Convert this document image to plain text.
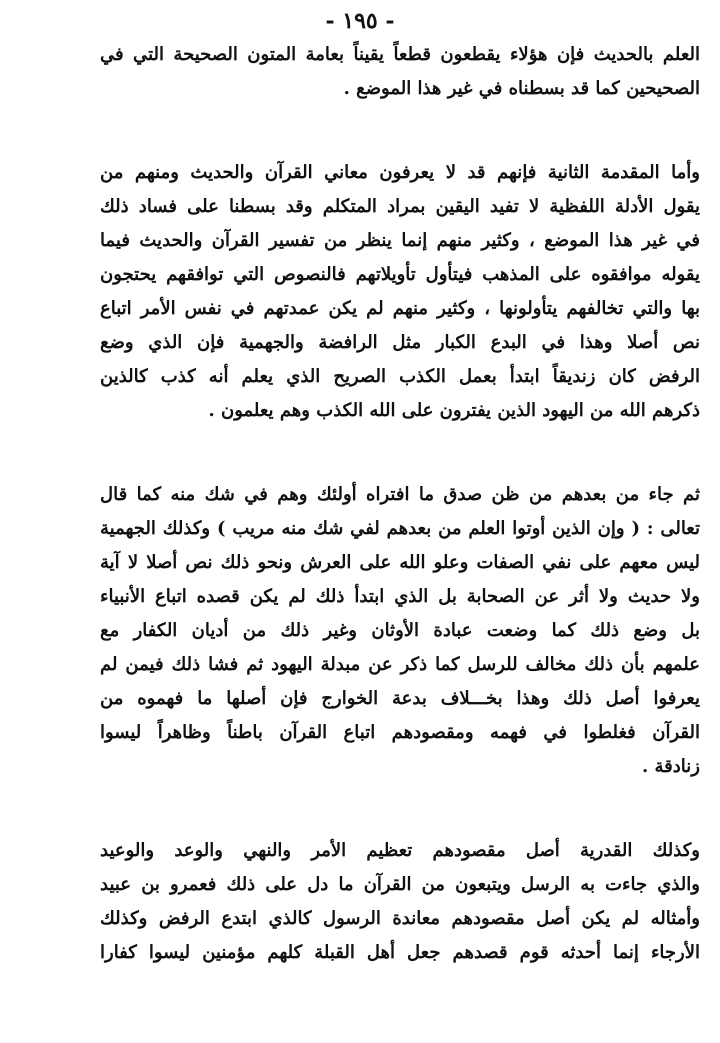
- ١٩٥ -
العلم بالحديث فإن هؤلاء يقطعون قطعاً يقيناً بعامة المتون الصحيحة التي في
الصحيحين كما قد بسطناه في غير هذا الموضع .
وأما المقدمة الثانية فإنهم قد لا يعرفون معاني القرآن والحديث ومنهم من
يقول الأدلة اللفظية لا تفيد اليقين بمراد المتكلم وقد بسطنا على فساد ذلك
في غير هذا الموضع ، وكثير منهم إنما ينظر من تفسير القرآن والحديث فيما
يقوله موافقوه على المذهب فيتأول تأويلاتهم فالنصوص التي توافقهم يحتجون
بها والتي تخالفهم يتأولونها ، وكثير منهم لم يكن عمدتهم في نفس الأمر اتباع
نص أصلا وهذا في البدع الكبار مثل الرافضة والجهمية فإن الذي وضع
الرفض كان زنديقاً ابتدأ بعمل الكذب الصريح الذي يعلم أنه كذب كالذين
ذكرهم الله من اليهود الذين يفترون على الله الكذب وهم يعلمون .
ثم جاء من بعدهم من ظن صدق ما افتراه أولئك وهم في شك منه كما قال
تعالى : ( وإن الذين أوتوا العلم من بعدهم لفي شك منه مريب ) وكذلك الجهمية
ليس معهم على نفي الصفات وعلو الله على العرش ونحو ذلك نص أصلا لا آية
ولا حديث ولا أثر عن الصحابة بل الذي ابتدأ ذلك لم يكن قصده اتباع الأنبياء
بل وضع ذلك كما وضعت عبادة الأوثان وغير ذلك من أديان الكفار مع
علمهم بأن ذلك مخالف للرسل كما ذكر عن مبدلة اليهود ثم فشا ذلك فيمن لم
يعرفوا أصل ذلك وهذا بخـــلاف بدعة الخوارج فإن أصلها ما فهموه من
القرآن فغلطوا في فهمه ومقصودهم اتباع القرآن باطناً وظاهراً ليسوا
زنادقة .
وكذلك القدرية أصل مقصودهم تعظيم الأمر والنهي والوعد والوعيد
والذي جاءت به الرسل ويتبعون من القرآن ما دل على ذلك فعمرو بن عبيد
وأمثاله لم يكن أصل مقصودهم معاندة الرسول كالذي ابتدع الرفض وكذلك
الأرجاء إنما أحدثه قوم قصدهم جعل أهل القبلة كلهم مؤمنين ليسوا كفارا
